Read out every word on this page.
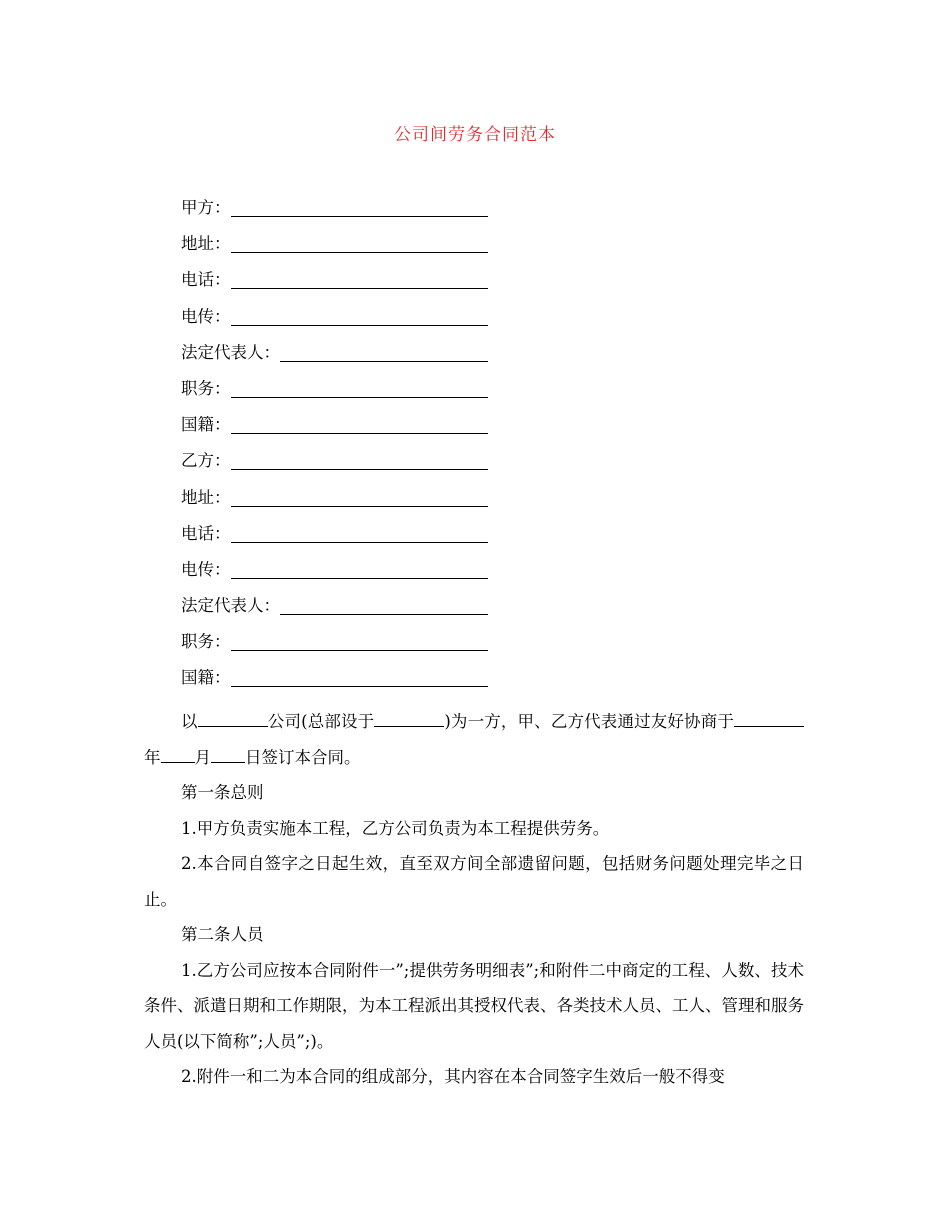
公司间劳务合同范本
甲方：
地址：
电话：
电传：
法定代表人：
职务：
国籍：
乙方：
地址：
电话：
电传：
法定代表人：
职务：
国籍：

以	公司(总部设于	)为一方，甲、乙方代表通过友好协商于年 月 日签订本合同。

第一条总则

1.甲方负责实施本工程，乙方公司负责为本工程提供劳务。

2.本合同自签字之日起生效，直至双方间全部遗留问题，包括财务问题处理完毕之日止。

第二条人员

1.乙方公司应按本合同附件一”;提供劳务明细表”;和附件二中商定的工程、人数、技术条件、派遣日期和工作期限，为本工程派出其授权代表、各类技术人员、工人、管理和服务人员(以下简称”;人员”;)。

2.附件一和二为本合同的组成部分，其内容在本合同签字生效后一般不得变
